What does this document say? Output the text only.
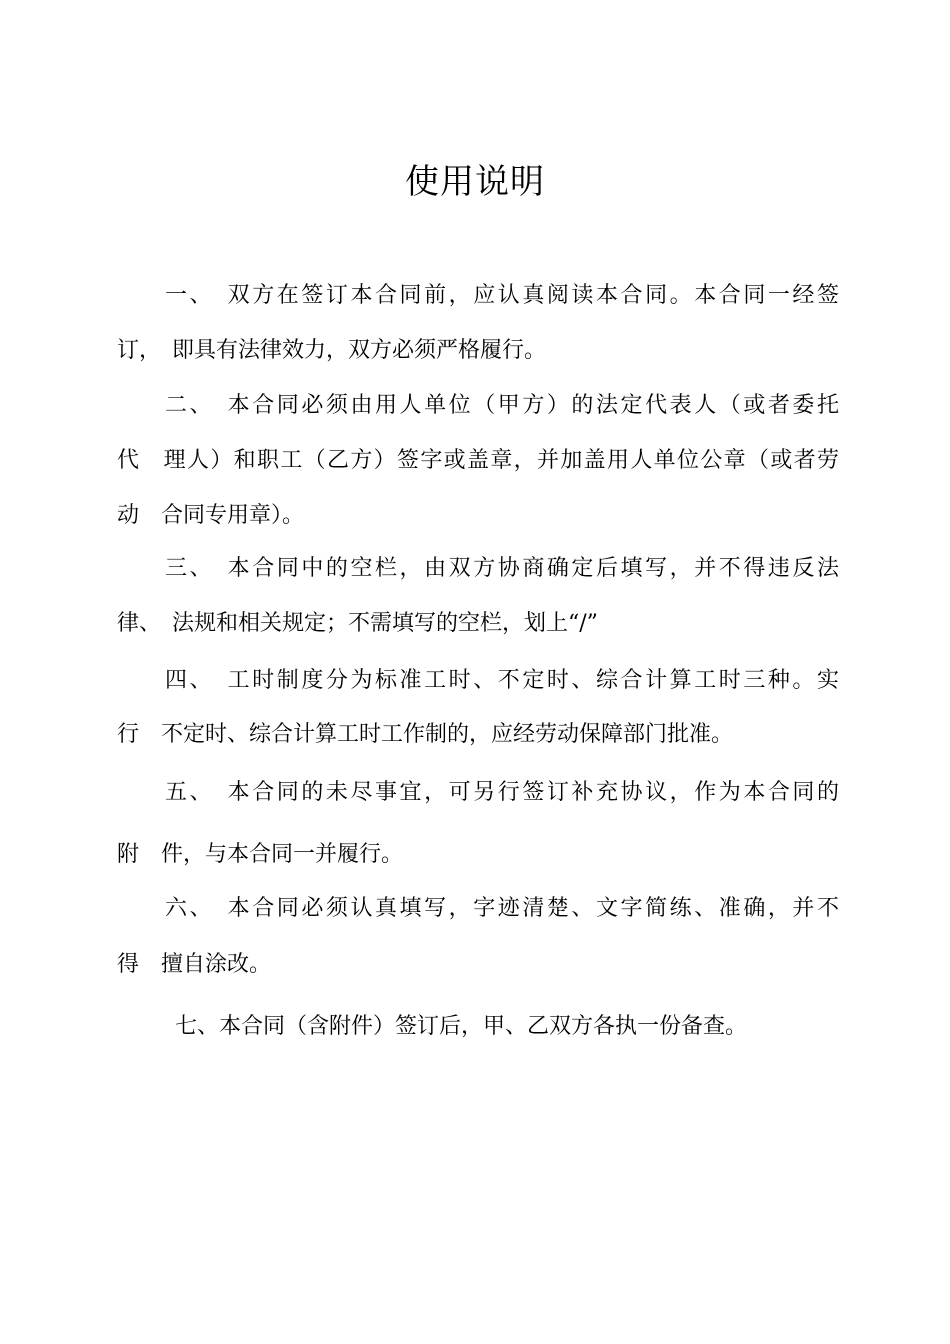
使用说明
一、　双方在签订本合同前，应认真阅读本合同。本合同一经签
订，　即具有法律效力，双方必须严格履行。
二、　本合同必须由用人单位（甲方）的法定代表人（或者委托
代　理人）和职工（乙方）签字或盖章，并加盖用人单位公章（或者劳
动　合同专用章）。
三、　本合同中的空栏，由双方协商确定后填写，并不得违反法
律、　法规和相关规定；不需填写的空栏，划上“/”
四、　工时制度分为标准工时、不定时、综合计算工时三种。实
行　不定时、综合计算工时工作制的，应经劳动保障部门批准。
五、　本合同的未尽事宜，可另行签订补充协议，作为本合同的
附　件，与本合同一并履行。
六、　本合同必须认真填写，字迹清楚、文字简练、准确，并不
得　擅自涂改。
七、本合同（含附件）签订后，甲、乙双方各执一份备查。
